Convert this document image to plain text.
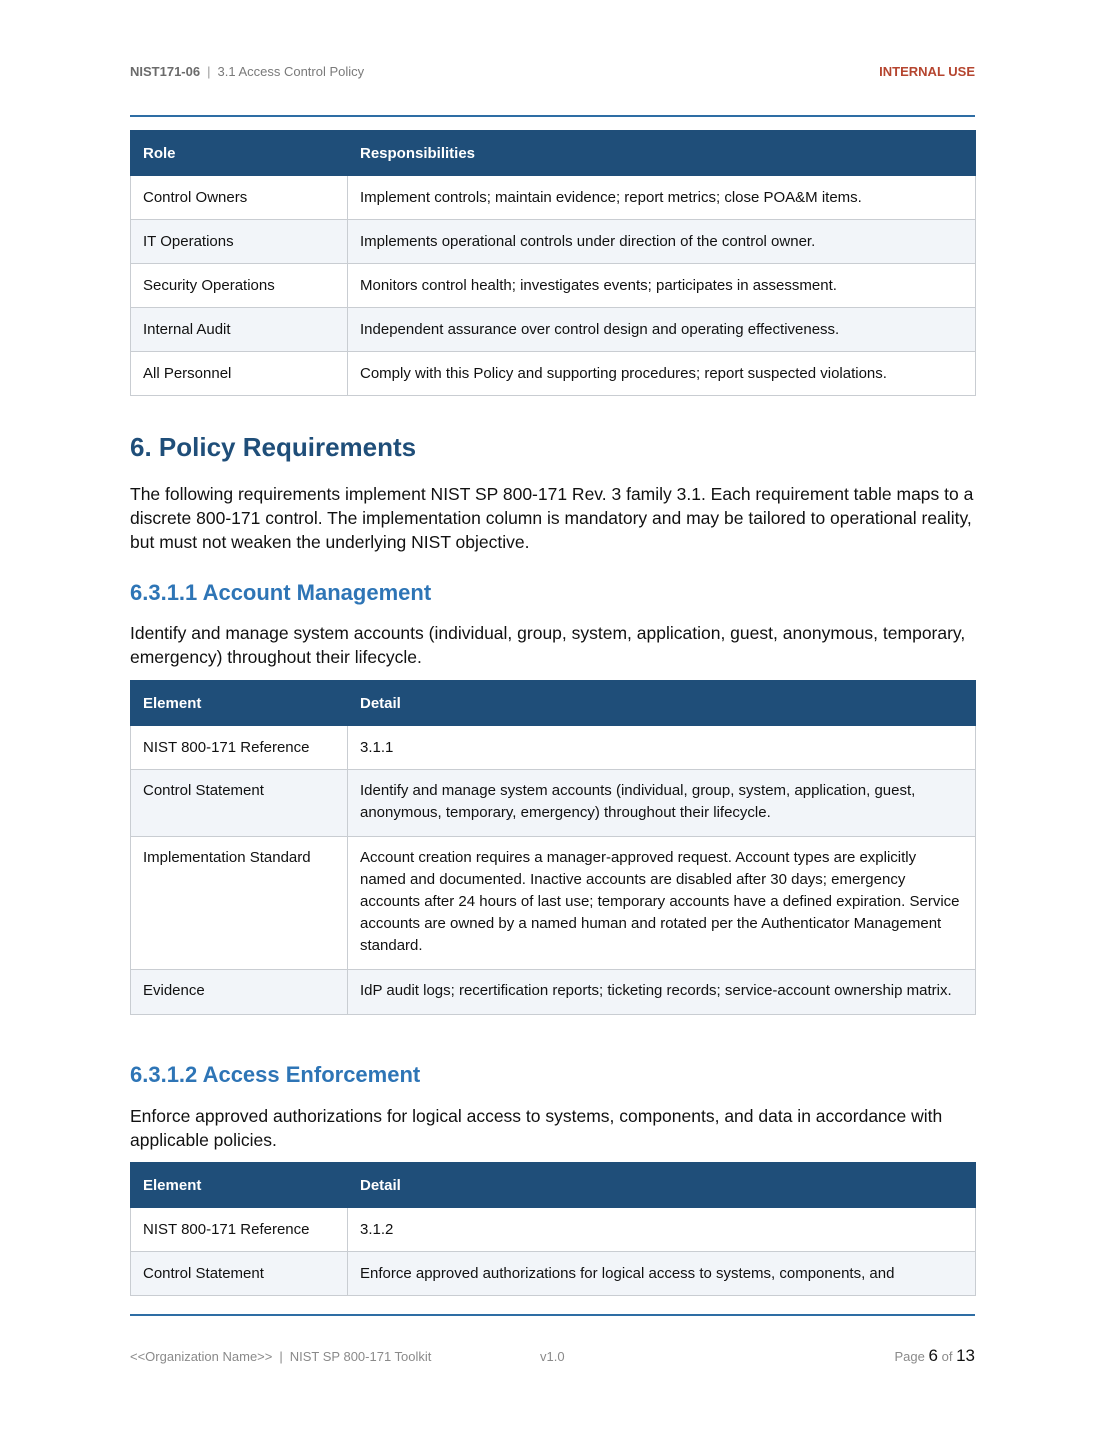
NIST171-06 | 3.1 Access Control Policy	INTERNAL USE
Role	Responsibilities
Control Owners	Implement controls; maintain evidence; report metrics; close POA&M items.
IT Operations	Implements operational controls under direction of the control owner.
Security Operations	Monitors control health; investigates events; participates in assessment.
Internal Audit	Independent assurance over control design and operating effectiveness.
All Personnel	Comply with this Policy and supporting procedures; report suspected violations.
6. Policy Requirements

The following requirements implement NIST SP 800-171 Rev. 3 family 3.1. Each requirement table maps to a discrete 800-171 control. The implementation column is mandatory and may be tailored to operational reality, but must not weaken the underlying NIST objective.

6.3.1.1 Account Management

Identify and manage system accounts (individual, group, system, application, guest, anonymous, temporary, emergency) throughout their lifecycle.

Element	Detail
NIST 800-171 Reference	3.1.1
Control Statement	Identify and manage system accounts (individual, group, system, application, guest, anonymous, temporary, emergency) throughout their lifecycle.
Implementation Standard	Account creation requires a manager-approved request. Account types are explicitly named and documented. Inactive accounts are disabled after 30 days; emergency accounts after 24 hours of last use; temporary accounts have a defined expiration. Service accounts are owned by a named human and rotated per the Authenticator Management standard.
Evidence	IdP audit logs; recertification reports; ticketing records; service-account ownership matrix.
6.3.1.2 Access Enforcement

Enforce approved authorizations for logical access to systems, components, and data in accordance with applicable policies.

Element	Detail
NIST 800-171 Reference	3.1.2
Control Statement	Enforce approved authorizations for logical access to systems, components, and
<<Organization Name>> | NIST SP 800-171 Toolkit	v1.0	Page 6 of 13
